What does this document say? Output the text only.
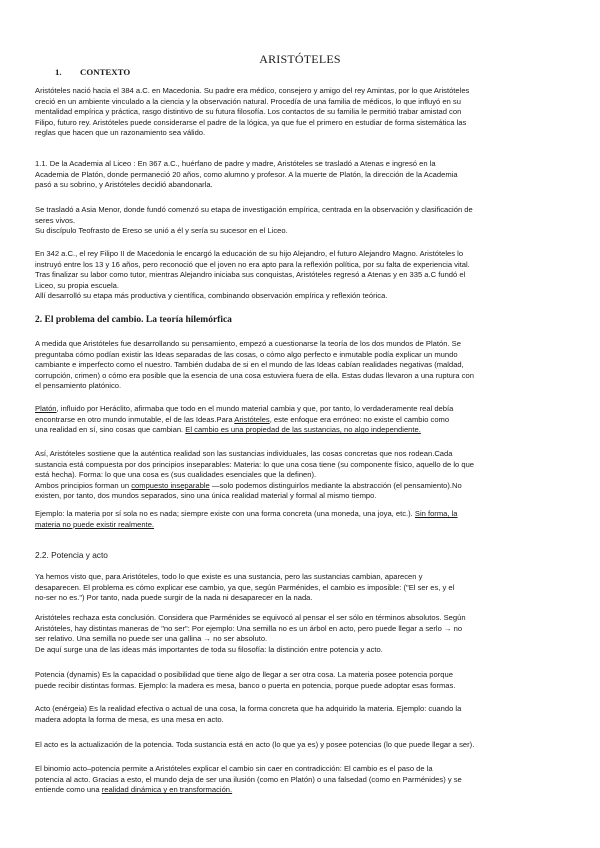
ARISTÓTELES
1. CONTEXTO
Aristóteles nació hacia el 384 a.C. en Macedonia. Su padre era médico, consejero y amigo del rey Amintas, por lo que Aristóteles
creció en un ambiente vinculado a la ciencia y la observación natural. Procedía de una familia de médicos, lo que influyó en su
mentalidad empírica y práctica, rasgo distintivo de su futura filosofía. Los contactos de su familia le permitió trabar amistad con
Filipo, futuro rey. Aristóteles puede considerarse el padre de la lógica, ya que fue el primero en estudiar de forma sistemática las
reglas que hacen que un razonamiento sea válido.
1.1. De la Academia al Liceo : En 367 a.C., huérfano de padre y madre, Aristóteles se trasladó a Atenas e ingresó en la
Academia de Platón, donde permaneció 20 años, como alumno y profesor. A la muerte de Platón, la dirección de la Academia
pasó a su sobrino, y Aristóteles decidió abandonarla.
Se trasladó a Asia Menor, donde fundó comenzó su etapa de investigación empírica, centrada en la observación y clasificación de
seres vivos.
Su discípulo Teofrasto de Ereso se unió a él y sería su sucesor en el Liceo.
En 342 a.C., el rey Filipo II de Macedonia le encargó la educación de su hijo Alejandro, el futuro Alejandro Magno. Aristóteles lo
instruyó entre los 13 y 16 años, pero reconoció que el joven no era apto para la reflexión política, por su falta de experiencia vital.
Tras finalizar su labor como tutor, mientras Alejandro iniciaba sus conquistas, Aristóteles regresó a Atenas y en 335 a.C fundó el
Liceo, su propia escuela.
Allí desarrolló su etapa más productiva y científica, combinando observación empírica y reflexión teórica.
2. El problema del cambio. La teoría hilemórfica
A medida que Aristóteles fue desarrollando su pensamiento, empezó a cuestionarse la teoría de los dos mundos de Platón. Se
preguntaba cómo podían existir las Ideas separadas de las cosas, o cómo algo perfecto e inmutable podía explicar un mundo
cambiante e imperfecto como el nuestro. También dudaba de si en el mundo de las Ideas cabían realidades negativas (maldad,
corrupción, crimen) o cómo era posible que la esencia de una cosa estuviera fuera de ella. Estas dudas llevaron a una ruptura con
el pensamiento platónico.
Platón, influido por Heráclito, afirmaba que todo en el mundo material cambia y que, por tanto, lo verdaderamente real debía
encontrarse en otro mundo inmutable, el de las Ideas.Para Aristóteles, este enfoque era erróneo: no existe el cambio como
una realidad en sí, sino cosas que cambian. El cambio es una propiedad de las sustancias, no algo independiente.
Así, Aristóteles sostiene que la auténtica realidad son las sustancias individuales, las cosas concretas que nos rodean.Cada
sustancia está compuesta por dos principios inseparables: Materia: lo que una cosa tiene (su componente físico, aquello de lo que
está hecha). Forma: lo que una cosa es (sus cualidades esenciales que la definen).
Ambos principios forman un compuesto inseparable —solo podemos distinguirlos mediante la abstracción (el pensamiento).No
existen, por tanto, dos mundos separados, sino una única realidad material y formal al mismo tiempo.
Ejemplo: la materia por sí sola no es nada; siempre existe con una forma concreta (una moneda, una joya, etc.). Sin forma, la
materia no puede existir realmente.
2.2. Potencia y acto
Ya hemos visto que, para Aristóteles, todo lo que existe es una sustancia, pero las sustancias cambian, aparecen y
desaparecen. El problema es cómo explicar ese cambio, ya que, según Parménides, el cambio es imposible: ("El ser es, y el
no-ser no es.") Por tanto, nada puede surgir de la nada ni desaparecer en la nada.
Aristóteles rechaza esta conclusión. Considera que Parménides se equivocó al pensar el ser sólo en términos absolutos. Según
Aristóteles, hay distintas maneras de "no ser": Por ejemplo: Una semilla no es un árbol en acto, pero puede llegar a serlo → no
ser relativo. Una semilla no puede ser una gallina → no ser absoluto.
De aquí surge una de las ideas más importantes de toda su filosofía: la distinción entre potencia y acto.
Potencia (dynamis) Es la capacidad o posibilidad que tiene algo de llegar a ser otra cosa. La materia posee potencia porque
puede recibir distintas formas. Ejemplo: la madera es mesa, banco o puerta en potencia, porque puede adoptar esas formas.
Acto (enérgeia) Es la realidad efectiva o actual de una cosa, la forma concreta que ha adquirido la materia. Ejemplo: cuando la
madera adopta la forma de mesa, es una mesa en acto.
El acto es la actualización de la potencia. Toda sustancia está en acto (lo que ya es) y posee potencias (lo que puede llegar a ser).
El binomio acto–potencia permite a Aristóteles explicar el cambio sin caer en contradicción: El cambio es el paso de la
potencia al acto. Gracias a esto, el mundo deja de ser una ilusión (como en Platón) o una falsedad (como en Parménides) y se
entiende como una realidad dinámica y en transformación.
